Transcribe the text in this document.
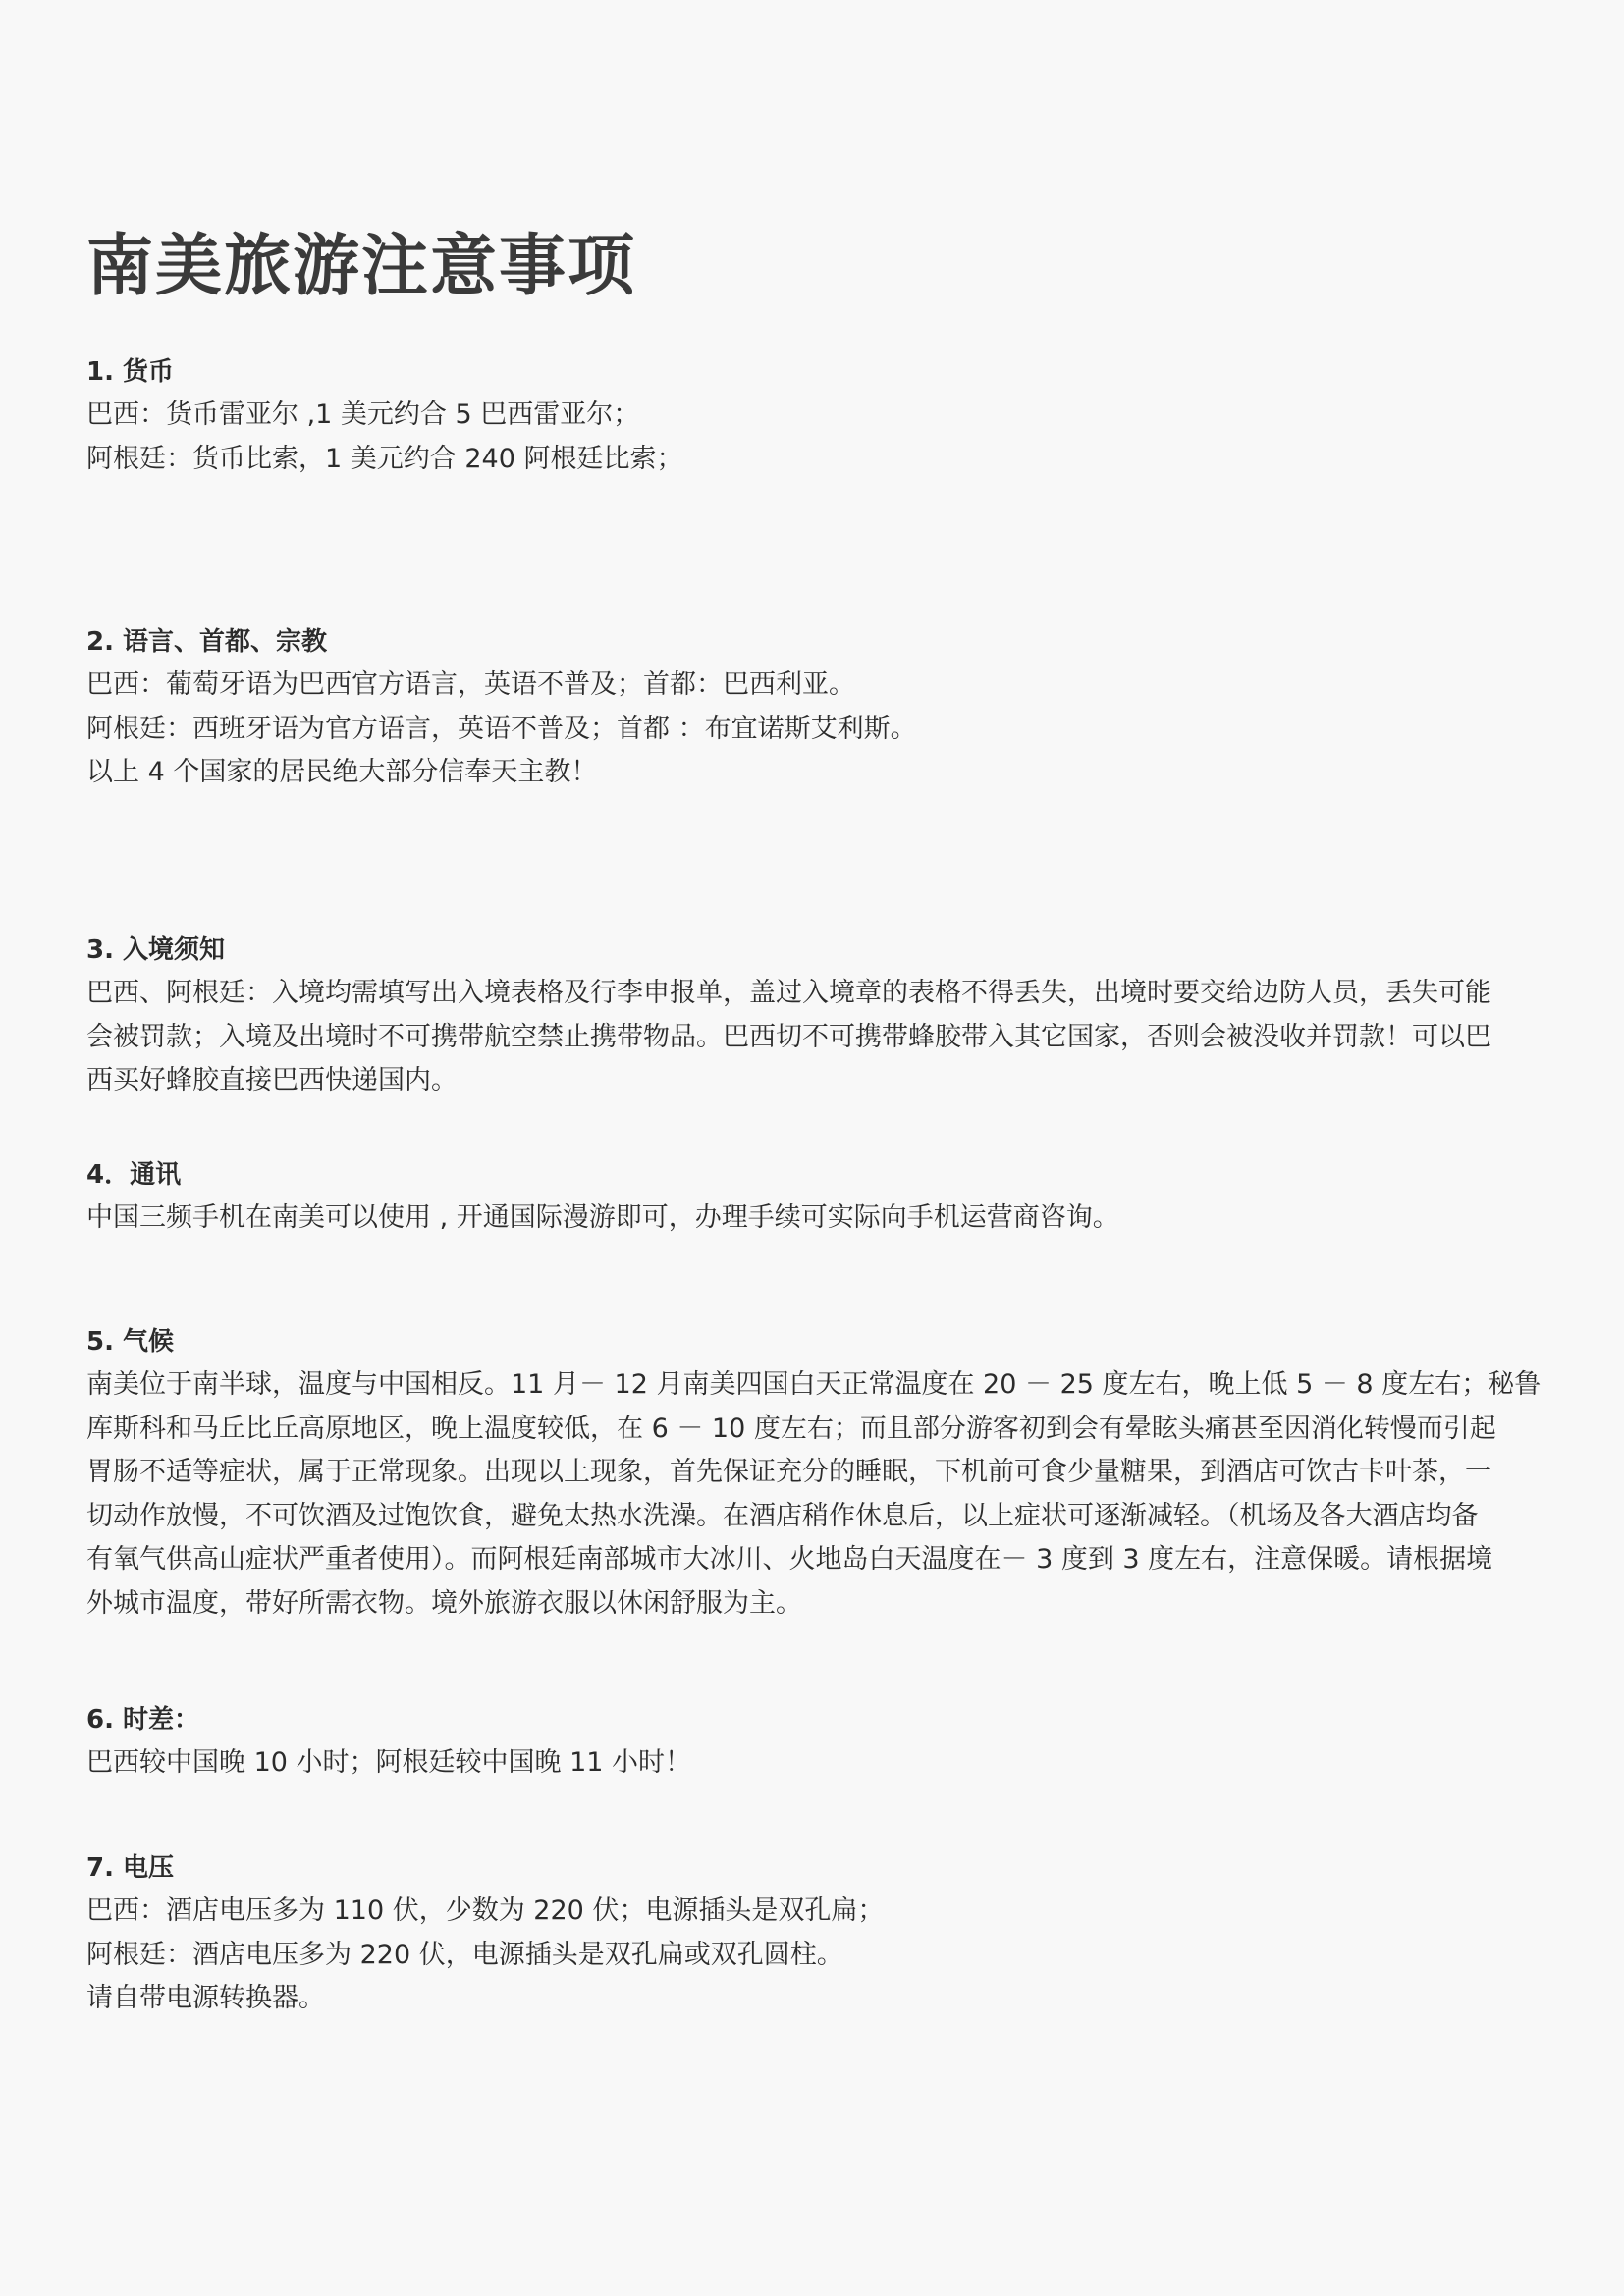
南美旅游注意事项

1. 货币

巴西：货币雷亚尔 ,1 美元约合 5 巴西雷亚尔；

阿根廷：货币比索，1 美元约合 240 阿根廷比索；

2. 语言、首都、宗教

巴西：葡萄牙语为巴西官方语言，英语不普及；首都：巴西利亚。

阿根廷：西班牙语为官方语言，英语不普及；首都 ：布宜诺斯艾利斯。

以上 4 个国家的居民绝大部分信奉天主教！

3. 入境须知

巴西、阿根廷：入境均需填写出入境表格及行李申报单，盖过入境章的表格不得丢失，出境时要交给边防人员，丢失可能

会被罚款；入境及出境时不可携带航空禁止携带物品。巴西切不可携带蜂胶带入其它国家，否则会被没收并罚款！可以巴

西买好蜂胶直接巴西快递国内。

4．通讯

中国三频手机在南美可以使用 , 开通国际漫游即可，办理手续可实际向手机运营商咨询。

5. 气候

南美位于南半球，温度与中国相反。11 月－ 12 月南美四国白天正常温度在 20 － 25 度左右，晚上低 5 － 8 度左右；秘鲁

库斯科和马丘比丘高原地区，晚上温度较低，在 6 － 10 度左右；而且部分游客初到会有晕眩头痛甚至因消化转慢而引起

胃肠不适等症状，属于正常现象。出现以上现象，首先保证充分的睡眠，下机前可食少量糖果，到酒店可饮古卡叶茶，一

切动作放慢，不可饮酒及过饱饮食，避免太热水洗澡。在酒店稍作休息后，以上症状可逐渐减轻。（机场及各大酒店均备

有氧气供高山症状严重者使用）。而阿根廷南部城市大冰川、火地岛白天温度在－ 3 度到 3 度左右，注意保暖。请根据境

外城市温度，带好所需衣物。境外旅游衣服以休闲舒服为主。

6. 时差：

巴西较中国晚 10 小时；阿根廷较中国晚 11 小时！

7. 电压

巴西：酒店电压多为 110 伏，少数为 220 伏；电源插头是双孔扁；

阿根廷：酒店电压多为 220 伏，电源插头是双孔扁或双孔圆柱。

请自带电源转换器。
